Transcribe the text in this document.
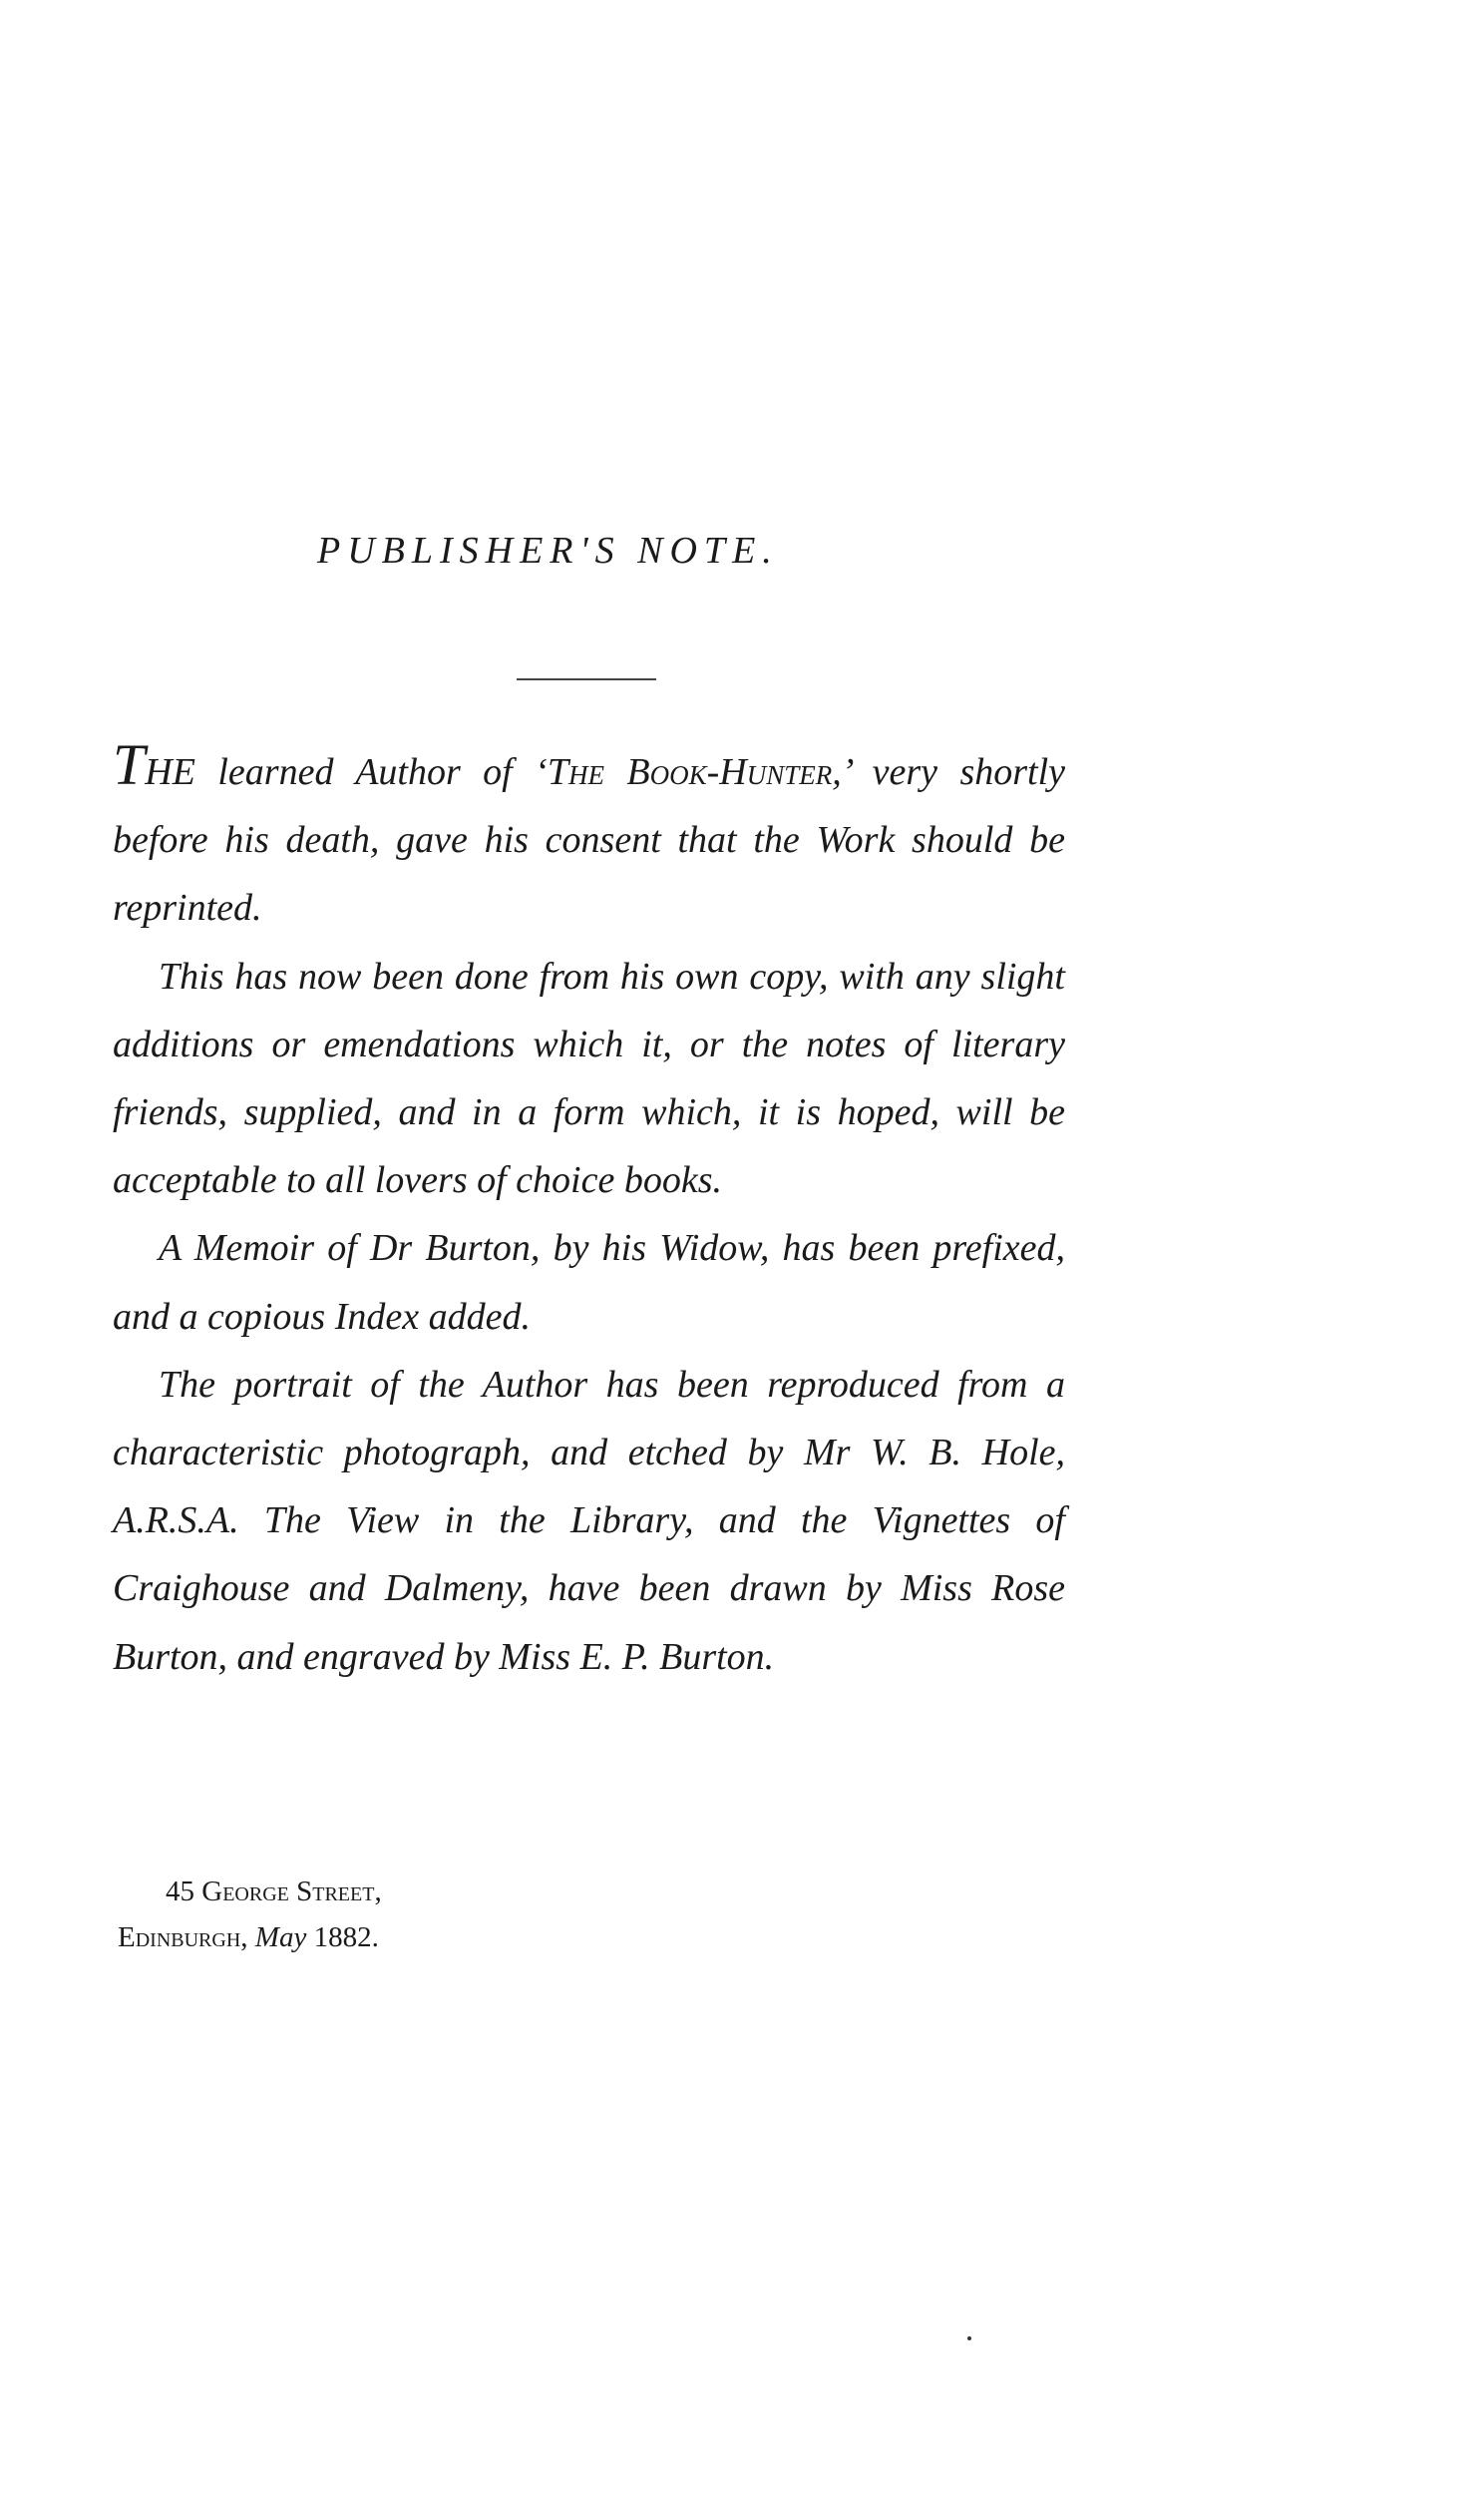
PUBLISHER'S NOTE.

THE learned Author of ‘The Book-Hunter,’ very shortly before his death, gave his consent that the Work should be reprinted.

This has now been done from his own copy, with any slight additions or emendations which it, or the notes of literary friends, supplied, and in a form which, it is hoped, will be acceptable to all lovers of choice books.

A Memoir of Dr Burton, by his Widow, has been prefixed, and a copious Index added.

The portrait of the Author has been reproduced from a characteristic photograph, and etched by Mr W. B. Hole, A.R.S.A. The View in the Library, and the Vignettes of Craighouse and Dalmeny, have been drawn by Miss Rose Burton, and engraved by Miss E. P. Burton.

45 George Street,
Edinburgh, May 1882.
